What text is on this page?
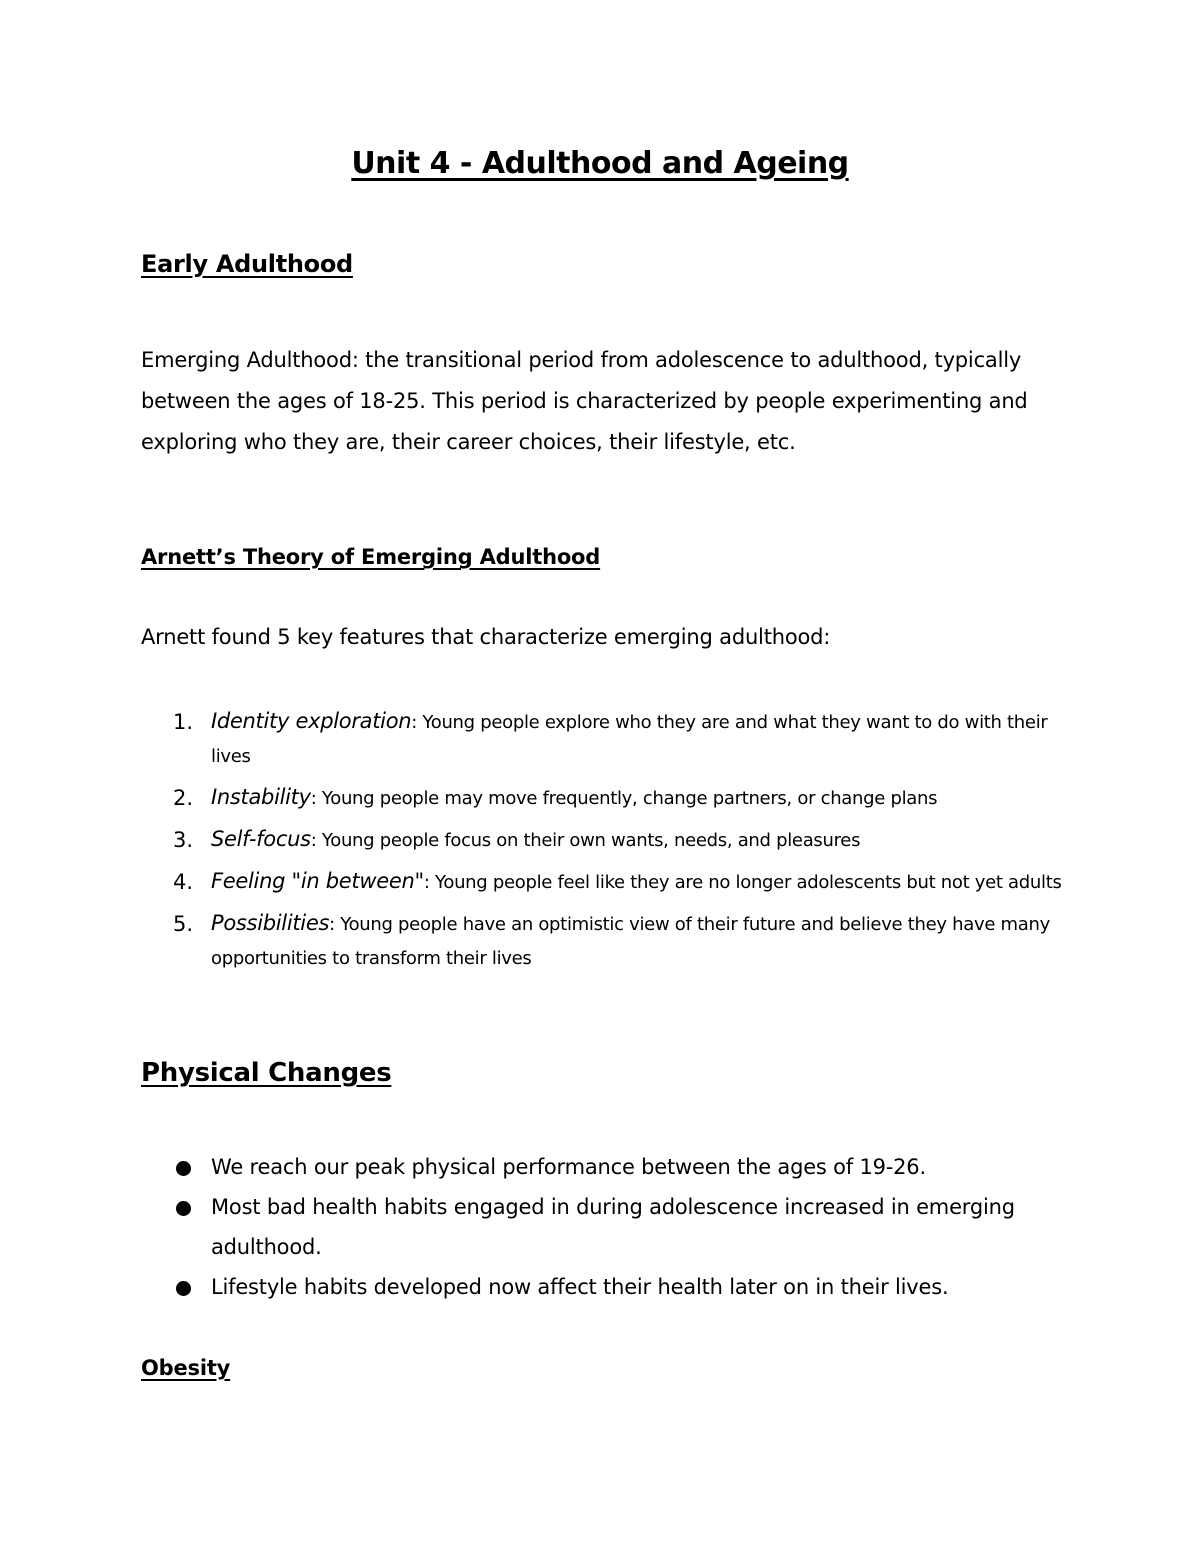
Unit 4 - Adulthood and Ageing
Early Adulthood

Emerging Adulthood: the transitional period from adolescence to adulthood, typically between the ages of 18-25. This period is characterized by people experimenting and exploring who they are, their career choices, their lifestyle, etc.

Arnett’s Theory of Emerging Adulthood

Arnett found 5 key features that characterize emerging adulthood:

1. Identity exploration: Young people explore who they are and what they want to do with their lives
2. Instability: Young people may move frequently, change partners, or change plans
3. Self-focus: Young people focus on their own wants, needs, and pleasures
4. Feeling "in between": Young people feel like they are no longer adolescents but not yet adults
5. Possibilities: Young people have an optimistic view of their future and believe they have many opportunities to transform their lives
Physical Changes
We reach our peak physical performance between the ages of 19-26.
Most bad health habits engaged in during adolescence increased in emerging adulthood.
Lifestyle habits developed now affect their health later on in their lives.
Obesity
